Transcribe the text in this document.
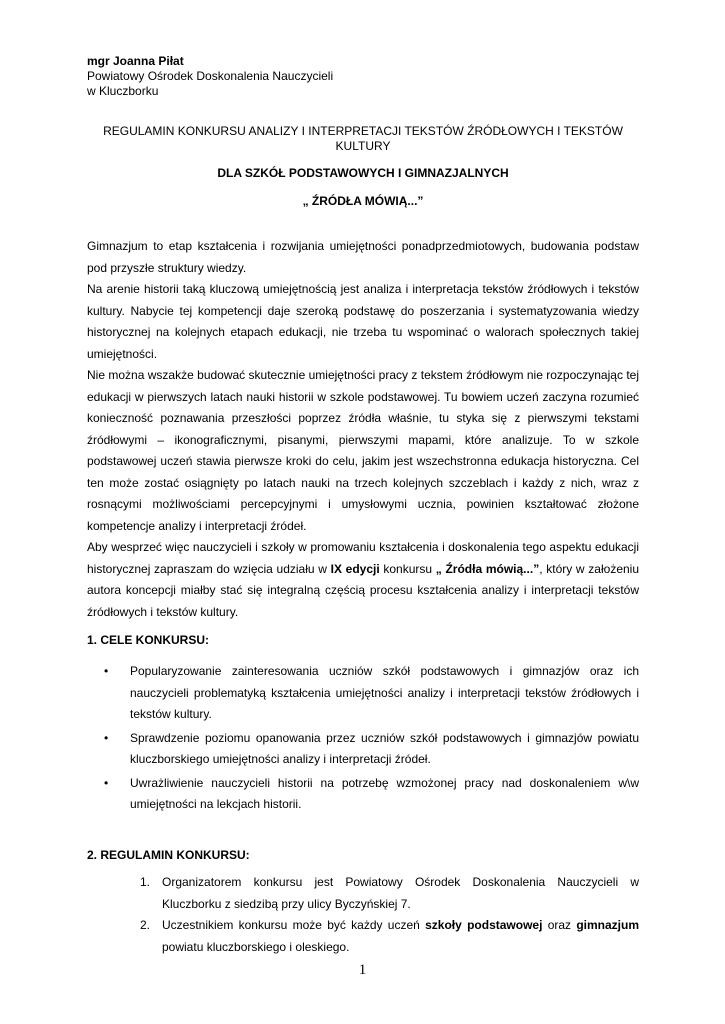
mgr Joanna Piłat
Powiatowy Ośrodek Doskonalenia Nauczycieli
w Kluczborku
REGULAMIN KONKURSU ANALIZY I INTERPRETACJI TEKSTÓW ŹRÓDŁOWYCH I TEKSTÓW KULTURY
DLA SZKÓŁ PODSTAWOWYCH I GIMNAZJALNYCH
„ ŹRÓDŁA MÓWIĄ...”

Gimnazjum to etap kształcenia i rozwijania umiejętności ponadprzedmiotowych, budowania podstaw pod przyszłe struktury wiedzy.

Na arenie historii taką kluczową umiejętnością jest analiza i interpretacja tekstów źródłowych i tekstów kultury. Nabycie tej kompetencji daje szeroką podstawę do poszerzania i systematyzowania wiedzy historycznej na kolejnych etapach edukacji, nie trzeba tu wspominać o walorach społecznych takiej umiejętności.

Nie można wszakże budować skutecznie umiejętności pracy z tekstem źródłowym nie rozpoczynając tej edukacji w pierwszych latach nauki historii w szkole podstawowej. Tu bowiem uczeń zaczyna rozumieć konieczność poznawania przeszłości poprzez źródła właśnie, tu styka się z pierwszymi tekstami źródłowymi – ikonograficznymi, pisanymi, pierwszymi mapami, które analizuje. To w szkole podstawowej uczeń stawia pierwsze kroki do celu, jakim jest wszechstronna edukacja historyczna. Cel ten może zostać osiągnięty po latach nauki na trzech kolejnych szczeblach i każdy z nich, wraz z rosnącymi możliwościami percepcyjnymi i umysłowymi ucznia, powinien kształtować złożone kompetencje analizy i interpretacji źródeł.

Aby wesprzeć więc nauczycieli i szkoły w promowaniu kształcenia i doskonalenia tego aspektu edukacji historycznej zapraszam do wzięcia udziału w IX edycji konkursu „ Źródła mówią...”, który w założeniu autora koncepcji miałby stać się integralną częścią procesu kształcenia analizy i interpretacji tekstów źródłowych i tekstów kultury.

1. CELE KONKURSU:
• Popularyzowanie zainteresowania uczniów szkół podstawowych i gimnazjów oraz ich nauczycieli problematyką kształcenia umiejętności analizy i interpretacji tekstów źródłowych i tekstów kultury.
• Sprawdzenie poziomu opanowania przez uczniów szkół podstawowych i gimnazjów powiatu kluczborskiego umiejętności analizy i interpretacji źródeł.
• Uwrażliwienie nauczycieli historii na potrzebę wzmożonej pracy nad doskonaleniem w\w umiejętności na lekcjach historii.
2. REGULAMIN KONKURSU:
1. Organizatorem konkursu jest Powiatowy Ośrodek Doskonalenia Nauczycieli w Kluczborku z siedzibą przy ulicy Byczyńskiej 7.
2. Uczestnikiem konkursu może być każdy uczeń szkoły podstawowej oraz gimnazjum powiatu kluczborskiego i oleskiego.
1
